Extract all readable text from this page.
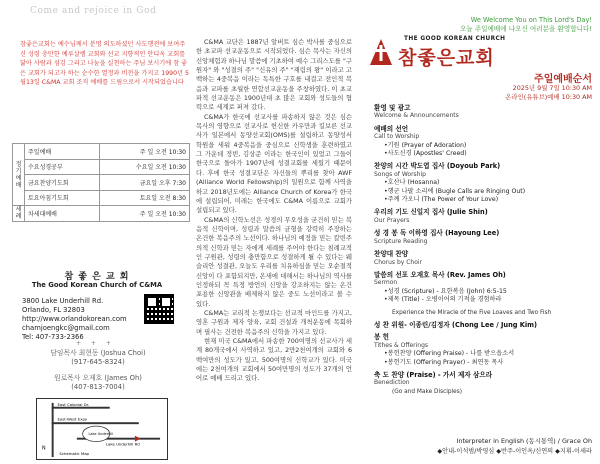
Come and rejoice in God
참좋은교회는 예수님께서 분명 의도하셨던 사도행전에 보여주신 성령 충만한 예루살렘 교회와 선교 지향적인 안디옥 교회를 닮아 사람과 섬김 그리고 나눔을 실천하는 주님 보시기에 참 좋은 교회가 되고자 하는 순수한 열정과 비전을 가지고 1990년 5월13일 C&MA 교회 조직 예배를 드림으로서 시작되었습니다
정기예배	주일예배	주 일 오전 10:30
	수요성경공부	수요일 오전 10:30
	금요찬양기도회	금요일 오후 7:30
	토요아침기도회	토요일 오전 8:30
세례	차세대예배	주 일 오전 10:30
참 좋 은 교 회
The Good Korean Church of C&MA
3800 Lake Underhill Rd.
Orlando, FL 32803
http://www.orlandokorean.com
chamjoengkc@gmail.com
Tel: 407-733-2366
+ + +
담임목사 최현동 (Joshua Choi)
(917-645-8324)
원로목사 오재호 (James Oh)
(407-813-7004)
East Colonial Dr.
East-West Expy
Lake Underhill
Lake Underhill Rd
Schematic Map
N

C&MA 교단은 1887년 알버트 심슨 박사를 중심으로 한 초교파 선교운동으로 시작되었다. 심슨 목사는 자신의 신앙체험과 하나님 말씀에 기초하여 예수 그리스도를 "구원자" 와 "성결의 주" "신유의 주" "재림의 왕" 이라고 고백하는 4중복음 이라는 독특한 구호를 내걸고 전인적 복음과 교파를 초월한 연합선교운동을 주창하였다. 이 초교파적 선교운동은 1900년대 초 많은 교회와 성도들의 협력으로 세계로 퍼져 갔다.

C&MA가 한국에 선교사를 파송하지 않은 것은 심슨 목사의 영향으로 선교사로 헌신한 카우만과 킬보른 선교사가 일본에서 동양선교회(OMS)를 설립하고 동양성서학원을 세워 4중복음을 중심으로 신학생을 훈련하였고 그 가운데 정빈, 김상준 이라는 한국인이 있었고 그들이 한국으로 돌아가 1907년에 성결교회를 세웠기 때문이다. 후에 한국 성결교단은 자신들의 뿌리를 찾아 AWF (Alliance World Fellowship)의 일원으로 함께 사역을 하고 2018년도에는 Alliance Church of Korea가 한국에 설립되어, 미래는 한국에도 C&MA 이름으로 교회가 설립되고 있다.

C&MA의 신학노선은 성경의 무오성을 굳건히 믿는 복음적 신학이며, 성령과 말씀의 균형을 강력히 주장하는 온건한 복음주의 노선이다. 하나님의 예정을 믿는 칼빈주의적 신학과 믿는 자에게 세례를 주어야 한다는 침례교적인 구원관, 성령의 충만함으로 성결하게 될 수 있다는 웨슬리안 성결관, 오늘도 우리를 치유하심을 믿는 오순절적 신앙이 다 포함되지만, 온새에 대해서는 하나님의 역사를 인정하되 꼭 특정 방언의 신앙을 강조하지는 않는 온건 포용한 신앙관을 배제하지 않은 중도 노선이라고 볼 수 있다.

C&MA는 교리적 논쟁보다는 선교적 마인드를 가지고, 영혼 구원과 제자 양육, 교회 건설과 개척운동에 목회하며 필사는 건전한 복음주의 신학을 가지고 있다.

현재 미국 C&MA에서 파송한 700여명의 선교사가 세계 80개국에서 사역하고 있고, 2만2천여개의 교회와 6백여만의 성도가 있고, 500여명의 신학교가 있다. 미국에는 2천여개의 교회에서 50여만명의 성도가 37개의 언어로 예배 드리고 있다.

We Welcome You on This Lord's Day!
오늘 주일예배에 나오신 여러분을 환영합니다!
THE GOOD KOREAN CHURCH
참좋은교회
주일예배순서
2025년 9월 7일 10:30 AM
온라인(유튜브)예배 10:30 AM
환영 및 광고
Welcome & Announcements
예배의 선언
Call to Worship
•기원 (Prayer of Adoration)
•사도신경 (Apostles' Creed)
찬양의 시간 박도엽 집사 (Doyoub Park)
Songs of Worship
•호산나 (Hosanna)
•행군 나팔 소리에 (Bugle Calls are Ringing Out)
•주께 가오니 (The Power of Your Love)
우리의 기도 신일지 집사 (Julie Shin)
Our Prayers
성 경 봉 독 이하영 집사 (Hayoung Lee)
Scripture Reading
찬양대 찬양
Chorus by Choir
말씀의 선포 오재호 목사 (Rev. James Oh)
Sermon
•성경 (Scripture) - 요한복음 (John) 6:5-15
•제목 (Title) - 오병이어의 기적을 경험하라
Experience the Miracle of the Five Loaves and Two Fish
성 찬 위원- 이종린/김정자 (Chong Lee / Jung Kim)
봉 헌
Tithes & Offerings
•봉헌찬양 (Offering Praise) - 나를 받으옵소서
•봉헌기도 (Offering Prayer) - 최연동 목사
축 도 찬양 (Praise) - 가서 제자 삼으라
Benediction
(Go and Make Disciples)
Interpreter in English (동시통역) / Grace Oh
◆안내-이석범/박영심 ◆반주-이인옥/신연의 ◆지휘-이세라
